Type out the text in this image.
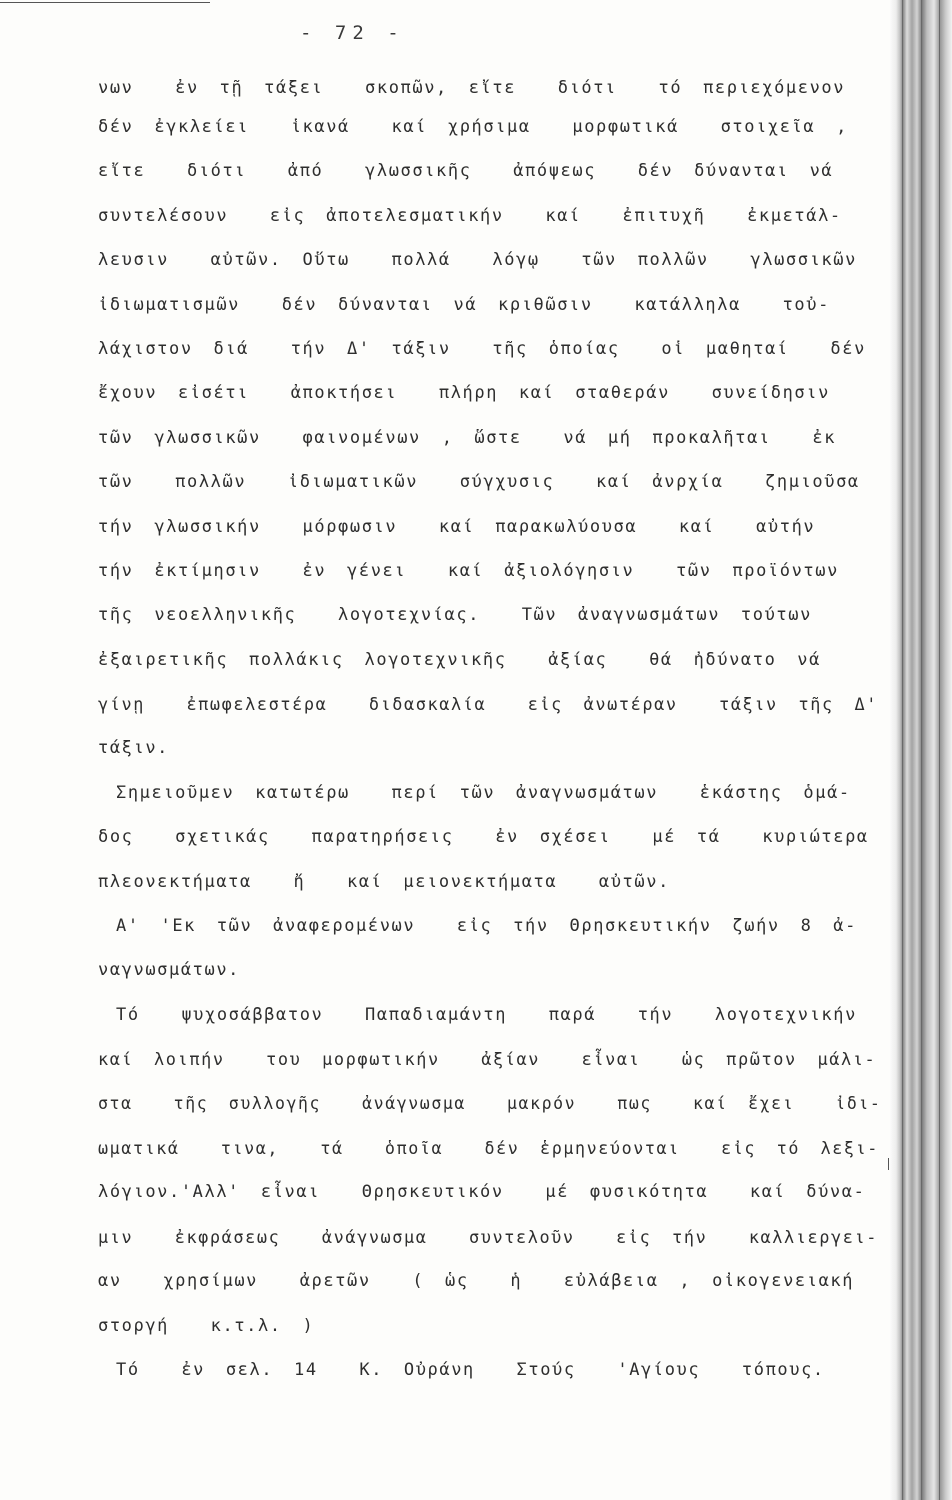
- 72 -
νων  ἐν τῇ τάξει  σκοπῶν, εἴτε  διότι  τό περιεχόμενον
δέν ἐγκλείει  ἱκανά  καί χρήσιμα  μορφωτικά  στοιχεῖα ,
εἴτε  διότι  ἀπό  γλωσσικῆς  ἀπόψεως  δέν δύνανται νά
συντελέσουν  εἰς ἀποτελεσματικήν  καί  ἐπιτυχῆ  ἐκμετάλ-
λευσιν  αὐτῶν. Οὕτω  πολλά  λόγῳ  τῶν πολλῶν  γλωσσικῶν
ἰδιωματισμῶν  δέν δύνανται νά κριθῶσιν  κατάλληλα  τοὐ-
λάχιστον διά  τήν Δ' τάξιν  τῆς ὁποίας  οἱ μαθηταί  δέν
ἔχουν εἰσέτι  ἀποκτήσει  πλήρη καί σταθεράν  συνείδησιν
τῶν γλωσσικῶν  φαινομένων , ὥστε  νά μή προκαλῆται  ἐκ
τῶν  πολλῶν  ἰδιωματικῶν  σύγχυσις  καί ἀνρχία  ζημιοῦσα
τήν γλωσσικήν  μόρφωσιν  καί παρακωλύουσα  καί  αὐτήν
τήν ἐκτίμησιν  ἐν γένει  καί ἀξιολόγησιν  τῶν προϊόντων
τῆς νεοελληνικῆς  λογοτεχνίας.  Τῶν ἀναγνωσμάτων τούτων
ἐξαιρετικῆς πολλάκις λογοτεχνικῆς  ἀξίας  θά ἠδύνατο νά
γίνῃ  ἐπωφελεστέρα  διδασκαλία  εἰς ἀνωτέραν  τάξιν τῆς Δ'
τάξιν.
Σημειοῦμεν κατωτέρω  περί τῶν ἀναγνωσμάτων  ἑκάστης ὁμά-
δος  σχετικάς  παρατηρήσεις  ἐν σχέσει  μέ τά  κυριώτερα
πλεονεκτήματα  ἤ  καί μειονεκτήματα  αὐτῶν.
Α' 'Εκ τῶν ἀναφερομένων  εἰς τήν Θρησκευτικήν ζωήν 8 ἀ-
ναγνωσμάτων.
Τό  ψυχοσάββατον  Παπαδιαμάντη  παρά  τήν  λογοτεχνικήν
καί λοιπήν  του μορφωτικήν  ἀξίαν  εἶναι  ὡς πρῶτον μάλι-
στα  τῆς συλλογῆς  ἀνάγνωσμα  μακρόν  πως  καί ἔχει  ἰδι-
ωματικά  τινα,  τά  ὁποῖα  δέν ἑρμηνεύονται  εἰς τό λεξι-
λόγιον.'Αλλ' εἶναι  Θρησκευτικόν  μέ φυσικότητα  καί δύνα-
μιν  ἐκφράσεως  ἀνάγνωσμα  συντελοῦν  εἰς τήν  καλλιεργει-
αν  χρησίμων  ἀρετῶν  ( ὡς  ἡ  εὐλάβεια , οἰκογενειακή
στοργή  κ.τ.λ. )
Τό  ἐν σελ. 14  Κ. Οὐράνη  Στούς  'Αγίους  τόπους.
